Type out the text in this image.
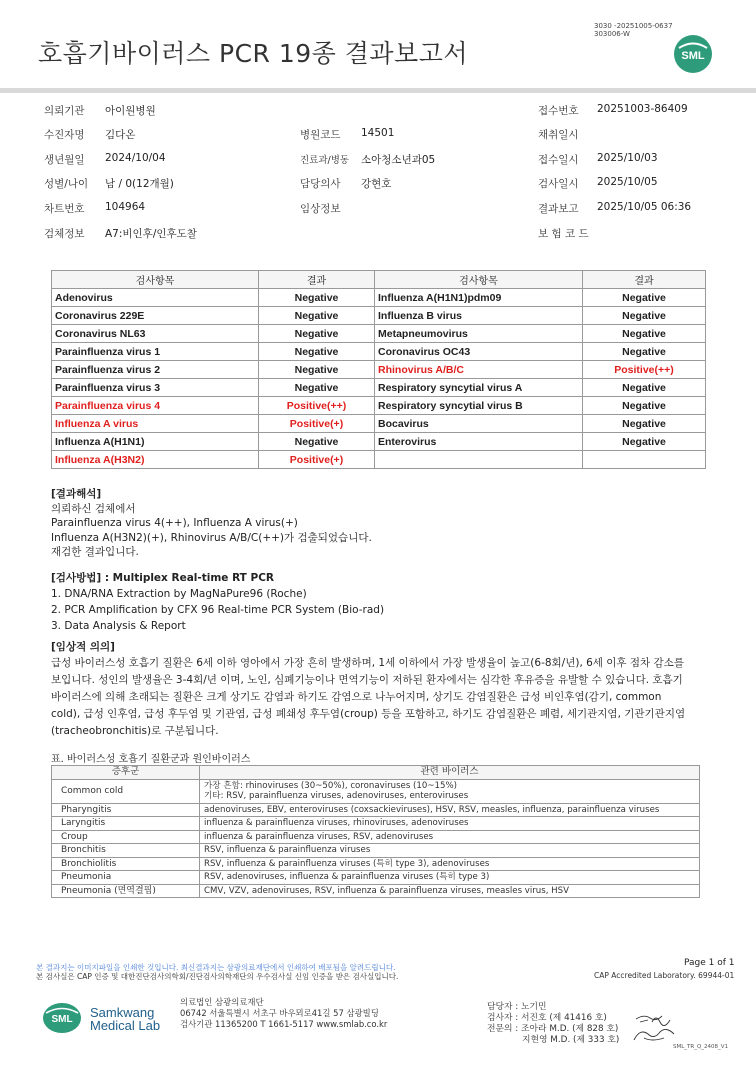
호흡기바이러스 PCR 19종 결과보고서
3030 -20251005-0637
303006-W
SML
의뢰기관 아이원병원	접수번호 20251003-86409
수진자명 김다온	병원코드 14501	채취일시
생년월일 2024/10/04	진료과/병동 소아청소년과05	접수일시 2025/10/03
성별/나이 남 / 0(12개월)	담당의사 강현호	검사일시 2025/10/05
차트번호 104964	임상정보	결과보고 2025/10/05 06:36
검체정보 A7:비인후/인후도찰	보 험 코 드
검사항목	결과	검사항목	결과
Adenovirus	Negative	Influenza A(H1N1)pdm09	Negative
Coronavirus 229E	Negative	Influenza B virus	Negative
Coronavirus NL63	Negative	Metapneumovirus	Negative
Parainfluenza virus 1	Negative	Coronavirus OC43	Negative
Parainfluenza virus 2	Negative	Rhinovirus A/B/C	Positive(++)
Parainfluenza virus 3	Negative	Respiratory syncytial virus A	Negative
Parainfluenza virus 4	Positive(++)	Respiratory syncytial virus B	Negative
Influenza A virus	Positive(+)	Bocavirus	Negative
Influenza A(H1N1)	Negative	Enterovirus	Negative
Influenza A(H3N2)	Positive(+)		
[결과해석]
의뢰하신 검체에서
Parainfluenza virus 4(++), Influenza A virus(+)
Influenza A(H3N2)(+), Rhinovirus A/B/C(++)가 검출되었습니다.
재검한 결과입니다.
[검사방법] : Multiplex Real-time RT PCR
1. DNA/RNA Extraction by MagNaPure96 (Roche)
2. PCR Amplification by CFX 96 Real-time PCR System (Bio-rad)
3. Data Analysis & Report
[임상적 의의]
급성 바이러스성 호흡기 질환은 6세 이하 영아에서 가장 흔히 발생하며, 1세 이하에서 가장 발생율이 높고(6-8회/년), 6세 이후 점차 감소를 보입니다. 성인의 발생율은 3-4회/년 이며, 노인, 심폐기능이나 면역기능이 저하된 환자에서는 심각한 후유증을 유발할 수 있습니다. 호흡기 바이러스에 의해 초래되는 질환은 크게 상기도 감염과 하기도 감염으로 나누어지며, 상기도 감염질환은 급성 비인후염(감기, common cold), 급성 인후염, 급성 후두염 및 기관염, 급성 폐쇄성 후두염(croup) 등을 포함하고, 하기도 감염질환은 폐렴, 세기관지염, 기관기관지염(tracheobronchitis)로 구분됩니다.
표. 바이러스성 호흡기 질환군과 원인바이러스
증후군	관련 바이러스
Common cold	가장 흔함: rhinoviruses (30~50%), coronaviruses (10~15%)
기타: RSV, parainfluenza viruses, adenoviruses, enteroviruses
Pharyngitis	adenoviruses, EBV, enteroviruses (coxsackieviruses), HSV, RSV, measles, influenza, parainfluenza viruses
Laryngitis	influenza & parainfluenza viruses, rhinoviruses, adenoviruses
Croup	influenza & parainfluenza viruses, RSV, adenoviruses
Bronchitis	RSV, influenza & parainfluenza viruses
Bronchiolitis	RSV, influenza & parainfluenza viruses (특히 type 3), adenoviruses
Pneumonia	RSV, adenoviruses, influenza & parainfluenza viruses (특히 type 3)
Pneumonia (면역결핍)	CMV, VZV, adenoviruses, RSV, influenza & parainfluenza viruses, measles virus, HSV
본 결과지는 이미지파일을 인쇄한 것입니다. 최신결과지는 삼광의료재단에서 인쇄하여 배포됨을 알려드립니다.
본 검사실은 CAP 인증 및 대한진단검사의학회/진단검사의학재단의 우수검사실 신임 인증을 받은 검사실입니다.
Page 1 of 1
CAP Accredited Laboratory. 69944-01
SML Samkwang
Medical Lab
의료법인 삼광의료재단
06742 서울특별시 서초구 바우뫼로41길 57 삼광빌딩
검사기관 11365200 T 1661-5117 www.smlab.co.kr
담당자 : 노기민
검사자 : 서진호 (제 41416 호)
전문의 : 조아라 M.D. (제 828 호)
지현영 M.D. (제 333 호)
SML_TR_Q_2408_V1
